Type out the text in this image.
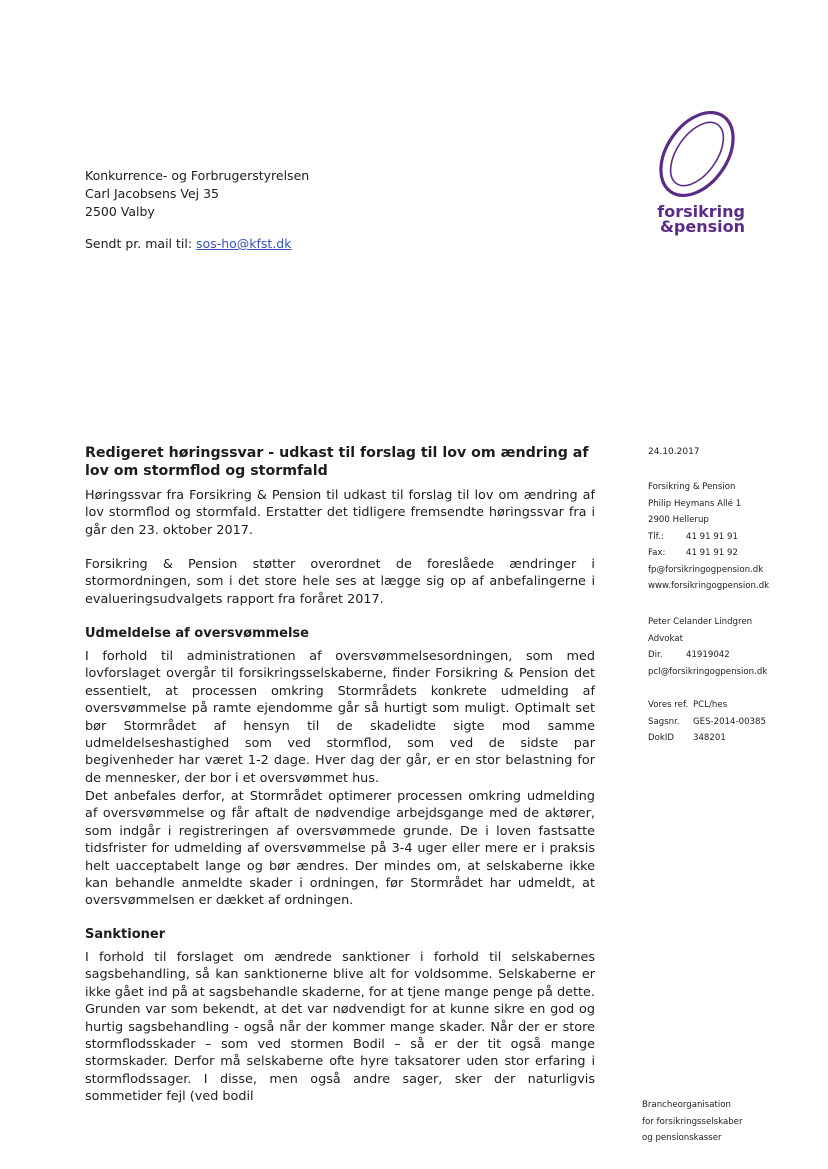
Konkurrence- og Forbrugerstyrelsen
Carl Jacobsens Vej 35
2500 Valby
Sendt pr. mail til: sos-ho@kfst.dk
forsikring
&pension
Redigeret høringssvar - udkast til forslag til lov om ændring af lov om stormflod og stormfald

Høringssvar fra Forsikring & Pension til udkast til forslag til lov om ændring af lov stormflod og stormfald. Erstatter det tidligere fremsendte høringssvar fra i går den 23. oktober 2017.

Forsikring & Pension støtter overordnet de foreslåede ændringer i stormordningen, som i det store hele ses at lægge sig op af anbefalingerne i evalueringsudvalgets rapport fra foråret 2017.

Udmeldelse af oversvømmelse

I forhold til administrationen af oversvømmelsesordningen, som med lovforslaget overgår til forsikringsselskaberne, finder Forsikring & Pension det essentielt, at processen omkring Stormrådets konkrete udmelding af oversvømmelse på ramte ejendomme går så hurtigt som muligt. Optimalt set bør Stormrådet af hensyn til de skadelidte sigte mod samme udmeldelseshastighed som ved stormflod, som ved de sidste par begivenheder har været 1-2 dage. Hver dag der går, er en stor belastning for de mennesker, der bor i et oversvømmet hus.

Det anbefales derfor, at Stormrådet optimerer processen omkring udmelding af oversvømmelse og får aftalt de nødvendige arbejdsgange med de aktører, som indgår i registreringen af oversvømmede grunde. De i loven fastsatte tidsfrister for udmelding af oversvømmelse på 3-4 uger eller mere er i praksis helt uacceptabelt lange og bør ændres. Der mindes om, at selskaberne ikke kan behandle anmeldte skader i ordningen, før Stormrådet har udmeldt, at oversvømmelsen er dækket af ordningen.

Sanktioner

I forhold til forslaget om ændrede sanktioner i forhold til selskabernes sagsbehandling, så kan sanktionerne blive alt for voldsomme. Selskaberne er ikke gået ind på at sagsbehandle skaderne, for at tjene mange penge på dette. Grunden var som bekendt, at det var nødvendigt for at kunne sikre en god og hurtig sagsbehandling - også når der kommer mange skader. Når der er store stormflodsskader – som ved stormen Bodil – så er der tit også mange stormskader. Derfor må selskaberne ofte hyre taksatorer uden stor erfaring i stormflodssager. I disse, men også andre sager, sker der naturligvis sommetider fejl (ved bodil

24.10.2017
Forsikring & Pension
Philip Heymans Allé 1
2900 Hellerup
Tlf.:	41 91 91 91
Fax:	41 91 91 92
fp@forsikringogpension.dk
www.forsikringogpension.dk
Peter Celander Lindgren
Advokat
Dir.	41919042
pcl@forsikringogpension.dk
Vores ref. PCL/hes
Sagsnr.	GES-2014-00385
DokID	348201
Brancheorganisation
for forsikringsselskaber
og pensionskasser
